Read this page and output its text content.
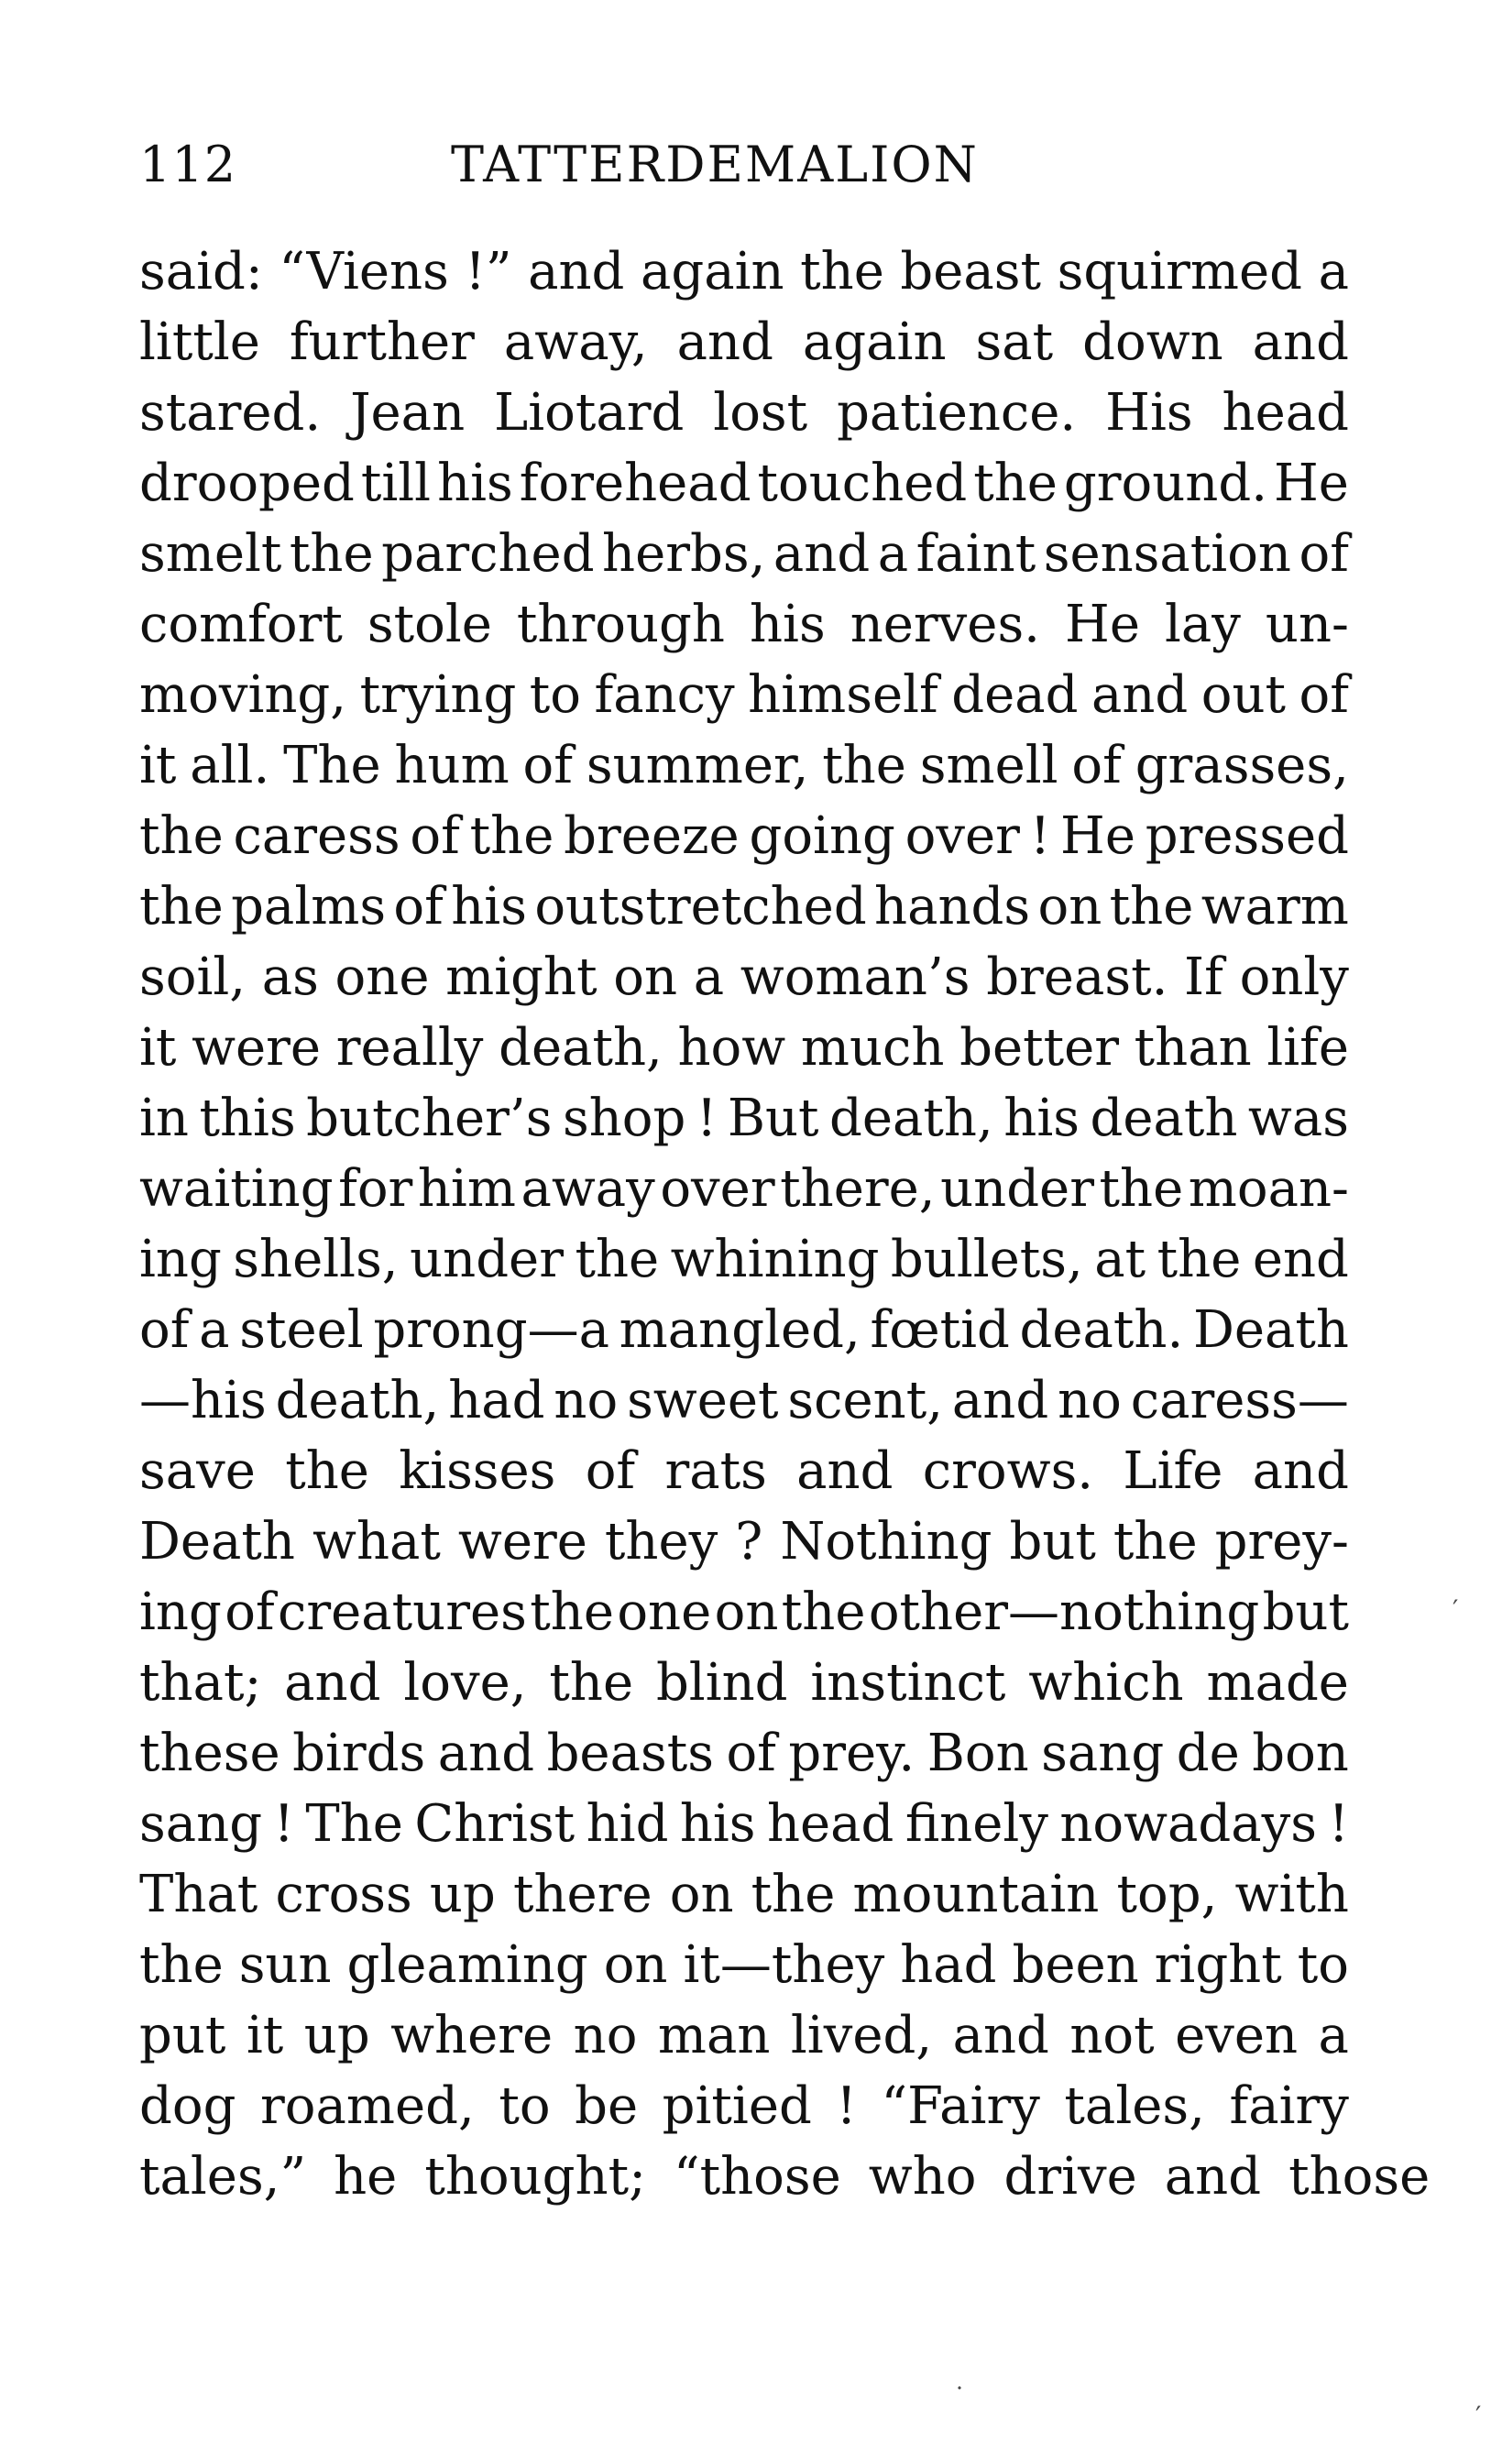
112	TATTERDEMALION
said: “Viens !” and again the beast squirmed a
little further away, and again sat down and
stared. Jean Liotard lost patience. His head
drooped till his forehead touched the ground. He
smelt the parched herbs, and a faint sensation of
comfort stole through his nerves. He lay un-
moving, trying to fancy himself dead and out of
it all. The hum of summer, the smell of grasses,
the caress of the breeze going over ! He pressed
the palms of his outstretched hands on the warm
soil, as one might on a woman’s breast. If only
it were really death, how much better than life
in this butcher’s shop ! But death, his death was
waiting for him away over there, under the moan-
ing shells, under the whining bullets, at the end
of a steel prong—a mangled, fœtid death. Death
—his death, had no sweet scent, and no caress—
save the kisses of rats and crows. Life and
Death what were they ? Nothing but the prey-
ing of creatures the one on the other—nothing but
that; and love, the blind instinct which made
these birds and beasts of prey. Bon sang de bon
sang ! The Christ hid his head finely nowadays !
That cross up there on the mountain top, with
the sun gleaming on it—they had been right to
put it up where no man lived, and not even a
dog roamed, to be pitied ! “Fairy tales, fairy
tales,” he thought; “those who drive and those
′
˙
′
